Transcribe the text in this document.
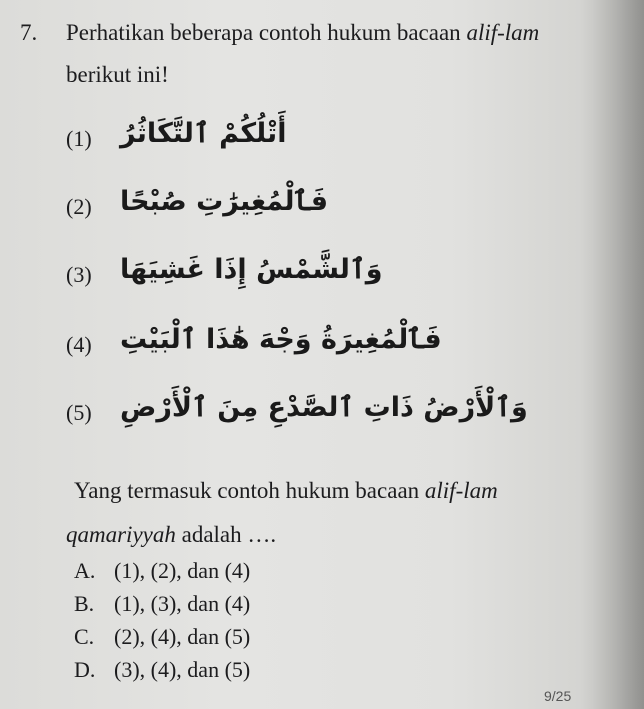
7. Perhatikan beberapa contoh hukum bacaan alif-lam
berikut ini!
(1) أَتْلُكُمْ ٱلتَّكَاثُرُ
(2) فَٱلْمُغِيرَٰتِ صُبْحًا
(3) وَٱلشَّمْسُ إِذَا غَشِيَهَا
(4) فَٱلْمُغِيرَةُ وَجْهَ هَٰذَا ٱلْبَيْتِ
(5) وَٱلْأَرْضُ ذَاتِ ٱلصَّدْعِ مِنَ ٱلْأَرْضِ
Yang termasuk contoh hukum bacaan alif-lam
qamariyyah adalah ….
A. (1), (2), dan (4)
B. (1), (3), dan (4)
C. (2), (4), dan (5)
D. (3), (4), dan (5)
9/25
